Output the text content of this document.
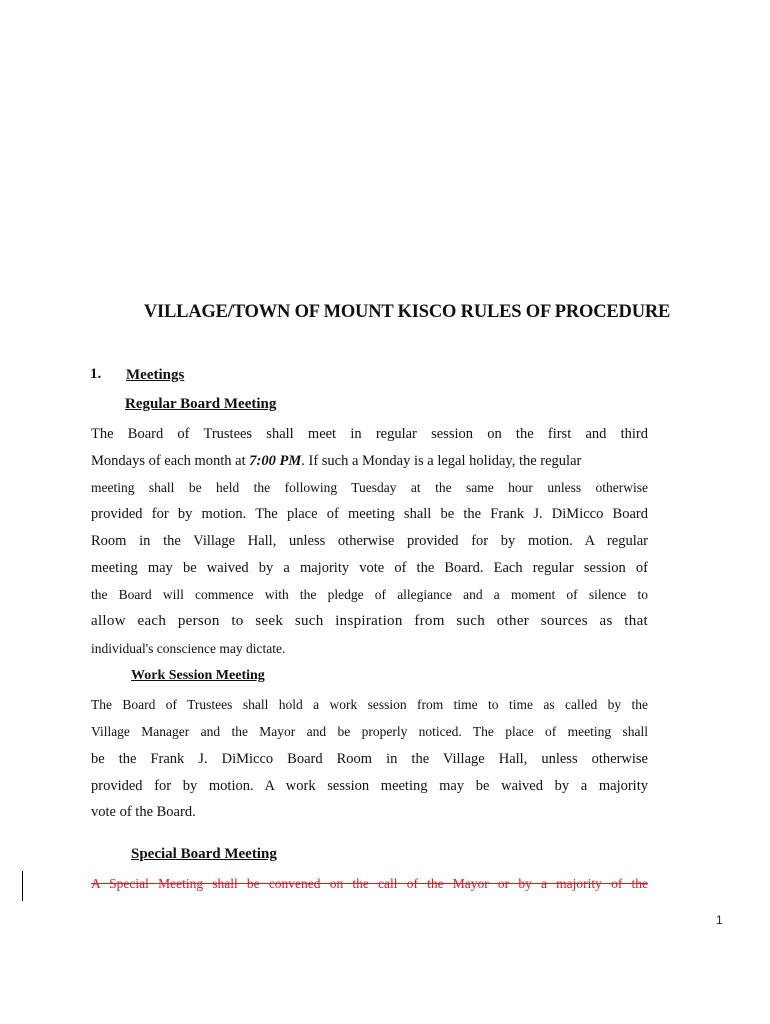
VILLAGE/TOWN OF MOUNT KISCO RULES OF PROCEDURE
1. Meetings
Regular Board Meeting
The Board of Trustees shall meet in regular session on the first and third
Mondays of each month at 7:00 PM. If such a Monday is a legal holiday, the regular
meeting shall be held the following Tuesday at the same hour unless otherwise
provided for by motion. The place of meeting shall be the Frank J. DiMicco Board
Room in the Village Hall, unless otherwise provided for by motion. A regular
meeting may be waived by a majority vote of the Board. Each regular session of
the Board will commence with the pledge of allegiance and a moment of silence to
allow each person to seek such inspiration from such other sources as that
individual's conscience may dictate.
Work Session Meeting
The Board of Trustees shall hold a work session from time to time as called by the
Village Manager and the Mayor and be properly noticed. The place of meeting shall
be the Frank J. DiMicco Board Room in the Village Hall, unless otherwise
provided for by motion. A work session meeting may be waived by a majority
vote of the Board.
Special Board Meeting
A Special Meeting shall be convened on the call of the Mayor or by a majority of the
1
